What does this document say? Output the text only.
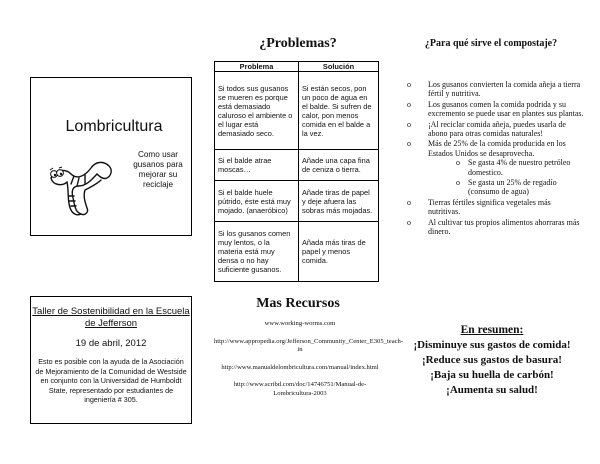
Lombricultura
Como usar gusanos para mejorar su reciclaje
Taller de Sostenibilidad en la Escuela de Jefferson
19 de abril, 2012
Esto es posible con la ayuda de la Asociación de Mejoramiento de la Comunidad de Westside en conjunto con la Universidad de Humboldt State, representado por estudiantes de ingeniería # 305.
¿Problemas?
Problema	Solución
Si todos sus gusanos se mueren es porque está demasiado caluroso el ambiente o el lugar está demasiado seco.	Si están secos, pon un poco de agua en el balde. Si sufren de calor, pon menos comida en el balde a la vez.
Si el balde atrae moscas…	Añade una capa fina de ceniza o tierra.
Si el balde huele pútrido, éste está muy mojado. (anaeróbico)	Añade tiras de papel y deje afuera las sobras más mojadas.
Si los gusanos comen muy lentos, o la materia está muy densa o no hay suficiente gusanos.	Añada más tiras de papel y menos comida.
Mas Recursos
www.working-worms.com
http://www.appropedia.org/Jefferson_Community_Center_E305_teach-in
http://www.manualdelombricultura.com/manual/index.html
http://www.scribd.com/doc/14746751/Manual-de-Lombricultura-2003
¿Para qué sirve el compostaje?
o Los gusanos convierten la comida añeja a tierra fértil y nutritiva.
o Los gusanos comen la comida podrida y su excremento se puede usar en plantes sus plantas.
o ¡Al reciclar comida añeja, puedes usarla de abono para otras comidas naturales!
o Más de 25% de la comida producida en los Estados Unidos se desaprovecha.
o Se gasta 4% de nuestro petróleo domestico.
o Se gasta un 25% de regadío (consumo de agua)
o Tierras fértiles significa vegetales más nutritivas.
o Al cultivar tus propios alimentos ahorraras más dinero.
En resumen:
¡Disminuye sus gastos de comida!
¡Reduce sus gastos de basura!
¡Baja su huella de carbón!
¡Aumenta su salud!
